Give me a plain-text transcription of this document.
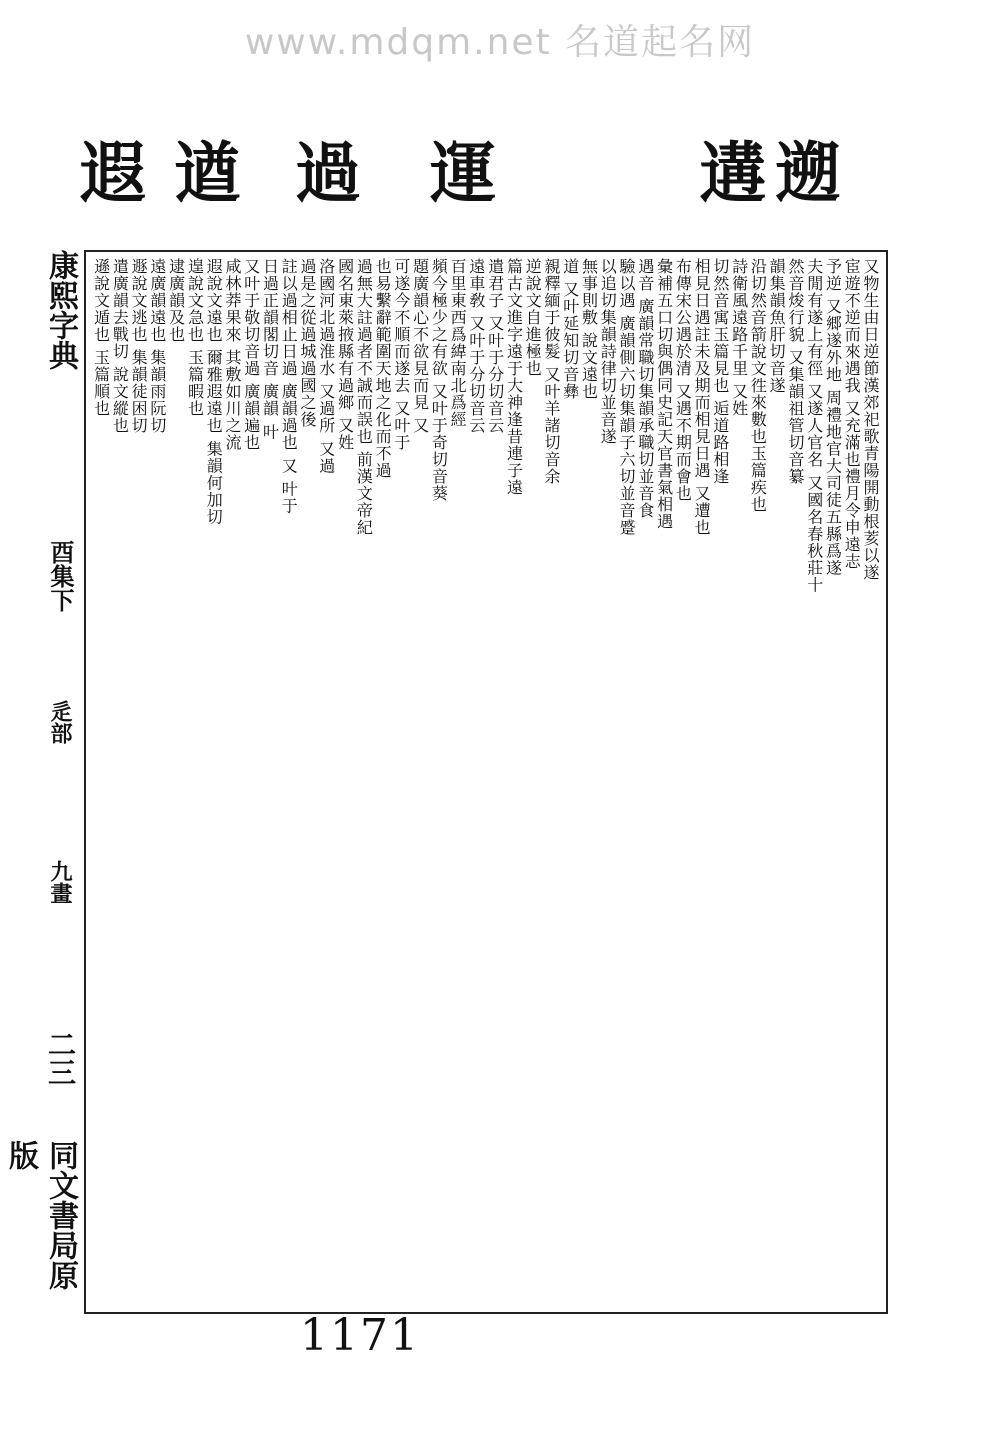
www.mdqm.net 名道起名网
遐 遒 過 運	遘 遡
康熙字典
酉集下
辵部
九畫
二三
同文書局原版
又物生由日逆節漢郊祀歌青陽開動根荄以遂
宦遊不逆而來遇我 又充滿也禮月令申遠志
予逆 又郷遂外地 周禮地官大司徒五縣爲遂
夫閒有遂上有徑 又遂人官名 又國名春秋莊十
然音焌行貌 又集韻祖管切音纂
韻集韻魚肝切音遂
沿切然音箭說文徃來數也玉篇疾也
詩衛風遠路千里 又姓
切然音寓玉篇見也 逅道路相逢
相見日遇註未及期而相見日遇 又遭也
布傳宋公遇於清 又遇不期而會也
彙補五口切與偶同史記天官書氣相遇
遇音 廣韻常職切集韻承職切並音食
驗以遇 廣韻側六切集韻子六切並音蹙
以追切集韻詩律切並音遂
無事則敷 說文遠也
道 又叶延知切音彝
親釋緬于彼髮 又叶羊諸切音余
逆說文自進極也
篇古文進字遠于大神逢昔連子遠
遣君子 又叶于分切音云
遠車敎 又叶于分切音云
百里東西爲緯南北爲經
頻今極少之有欲 又叶于奇切音葵
題廣韻心不欲見而見 又
可遂今不順而遂去 又叶于
也易繫辭範圍天地之化而不過
過無大註過者不誠而誤也 前漢文帝紀
國名東萊掖縣有過鄉 又姓
洛國河北過淮水 又過所 又過
過是之從過城過國之後
註以過相止日過 廣韻過也 又 叶于
日過正韻閣切音 廣韻 叶
又叶于敬切音過 廣韻遍也
咸林莽果來 其敷如川之流
遐說文遠也 爾雅遐遠也 集韻何加切
遑說文急也 玉篇暇也
逮廣韻及也
遠廣韻遠也 集韻雨阮切
遯說文逃也 集韻徒困切
遣廣韻去戰切 說文縱也
遜說文遁也 玉篇順也
1171
